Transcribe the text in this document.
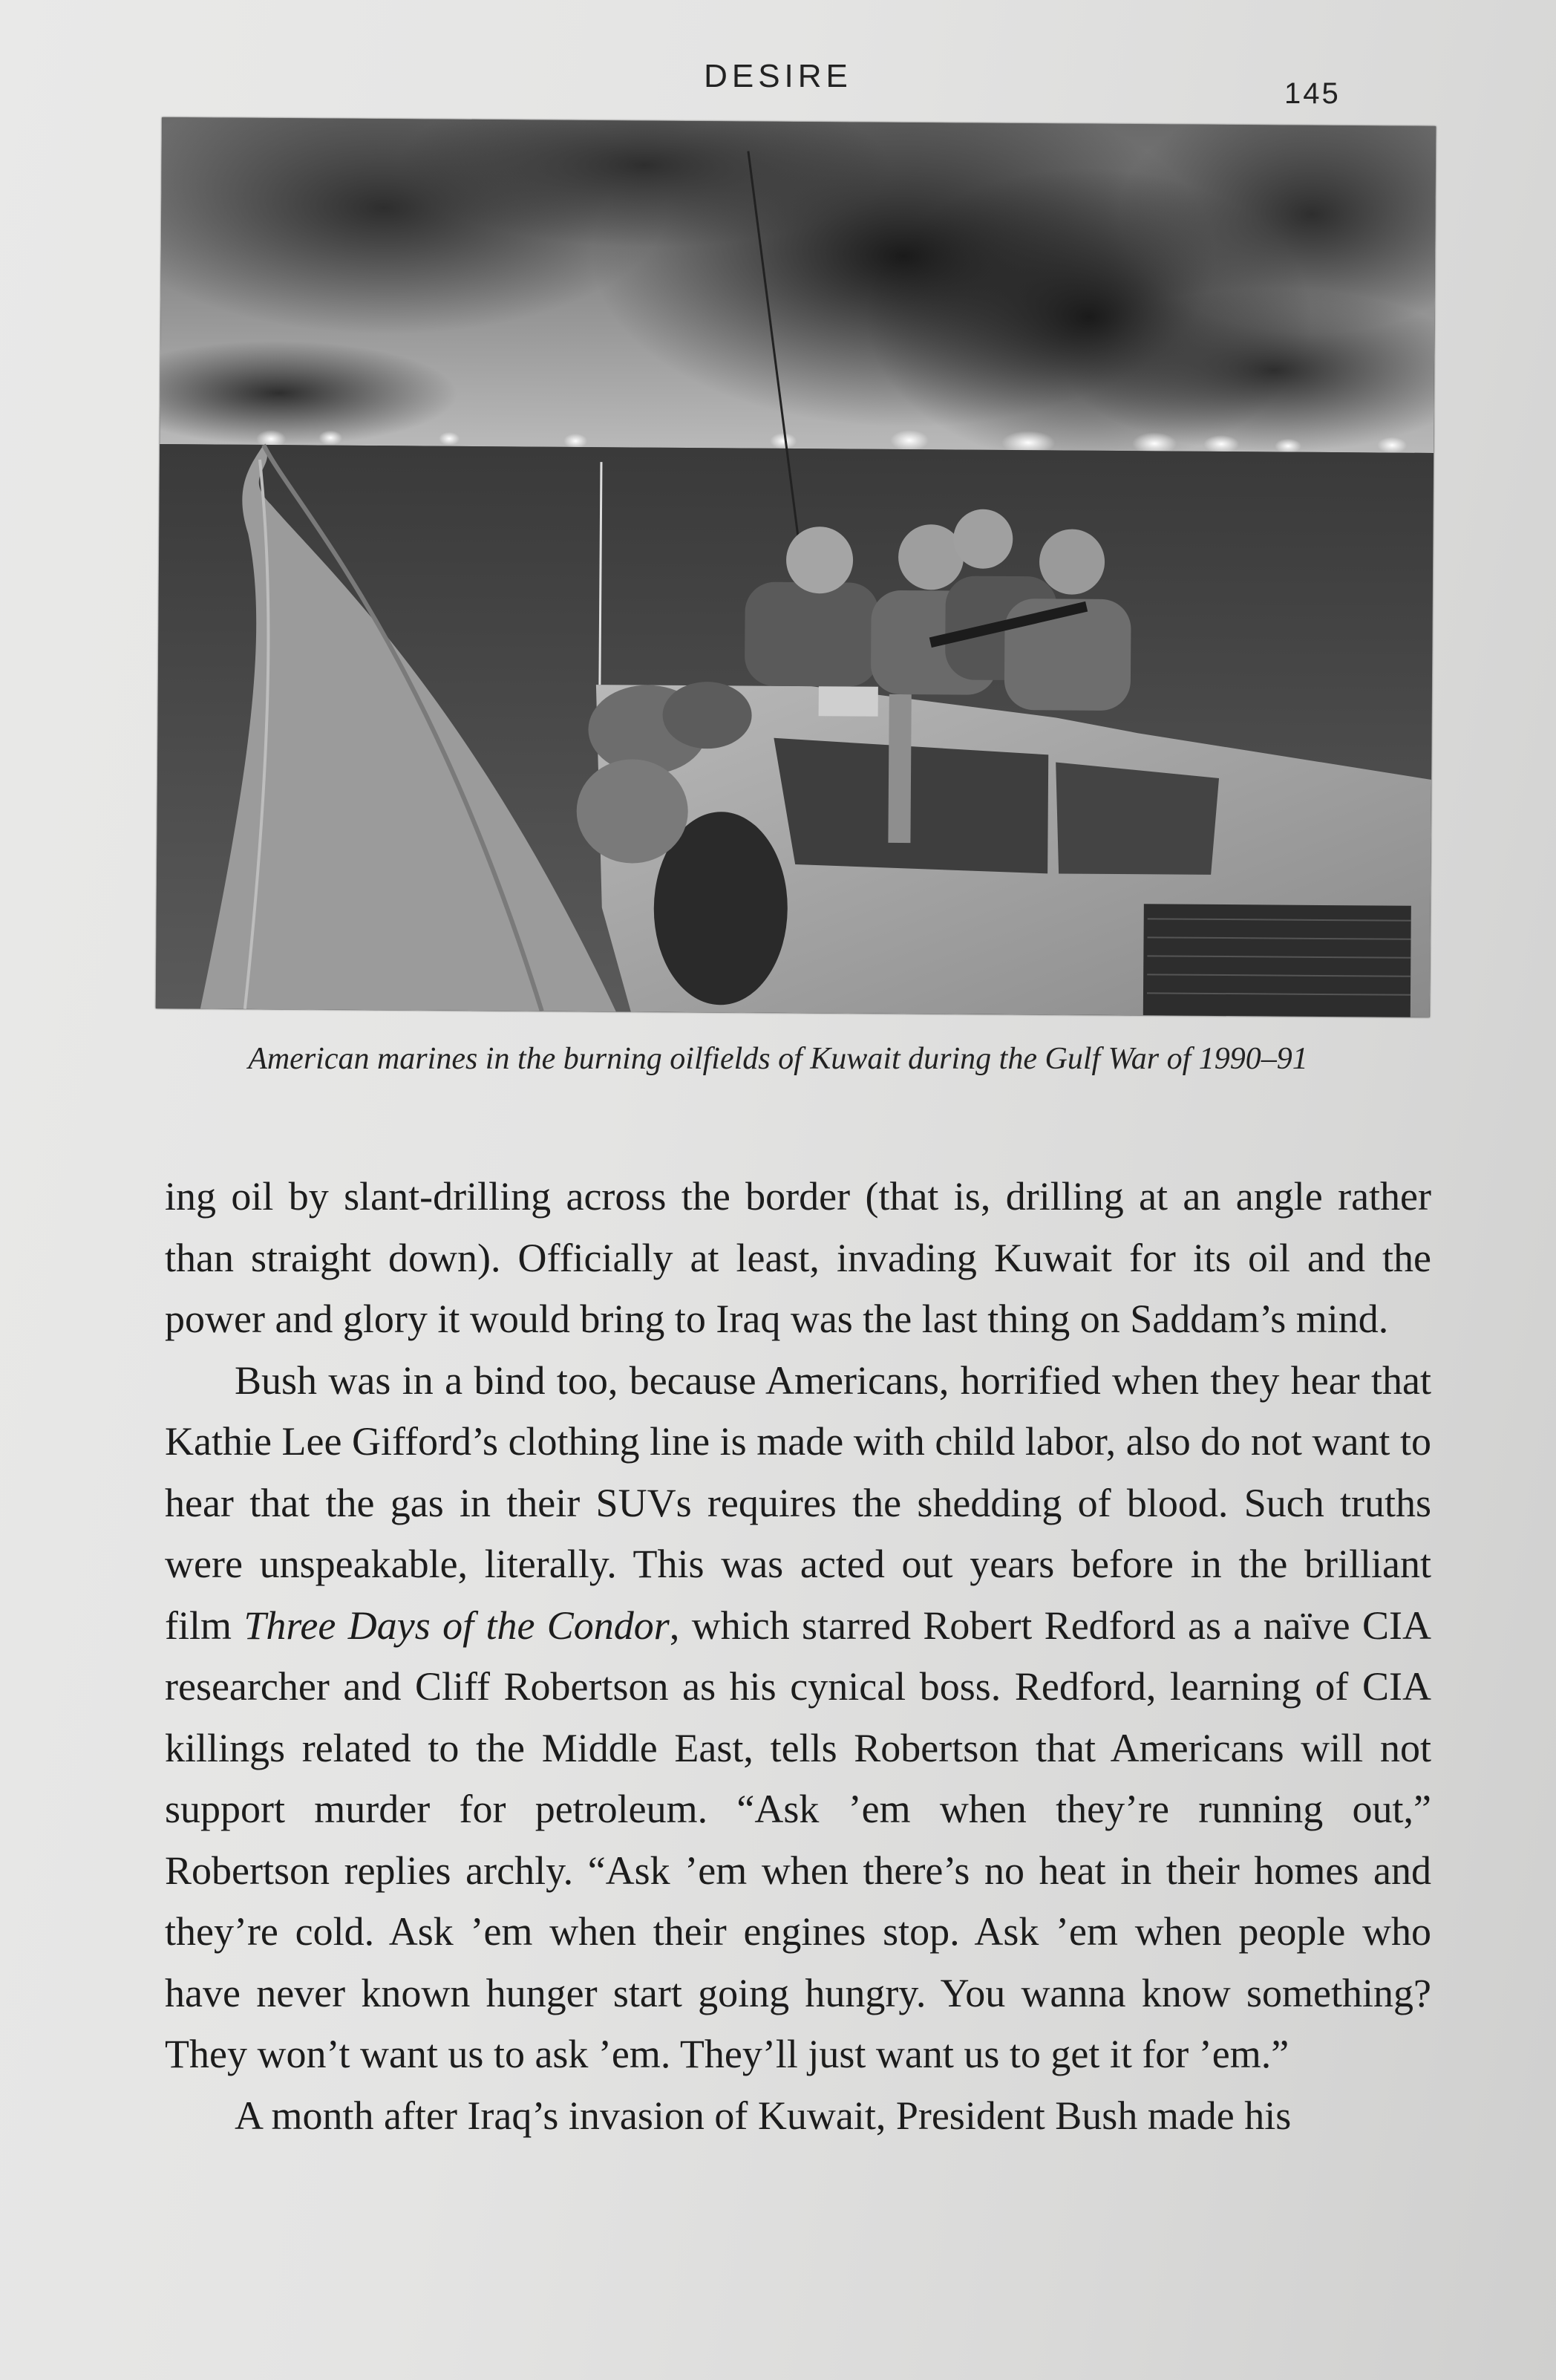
DESIRE	145
American marines in the burning oilfields of Kuwait during the Gulf War of 1990–91

ing oil by slant-drilling across the border (that is, drilling at an angle rather than straight down). Officially at least, invading Kuwait for its oil and the power and glory it would bring to Iraq was the last thing on Saddam’s mind.

Bush was in a bind too, because Americans, horrified when they hear that Kathie Lee Gifford’s clothing line is made with child labor, also do not want to hear that the gas in their SUVs requires the shedding of blood. Such truths were unspeakable, literally. This was acted out years before in the brilliant film Three Days of the Condor, which starred Robert Redford as a naïve CIA researcher and Cliff Robertson as his cynical boss. Redford, learning of CIA killings related to the Middle East, tells Robertson that Americans will not support murder for petroleum. “Ask ’em when they’re running out,” Robertson replies archly. “Ask ’em when there’s no heat in their homes and they’re cold. Ask ’em when their engines stop. Ask ’em when people who have never known hunger start going hungry. You wanna know something? They won’t want us to ask ’em. They’ll just want us to get it for ’em.”

A month after Iraq’s invasion of Kuwait, President Bush made his
